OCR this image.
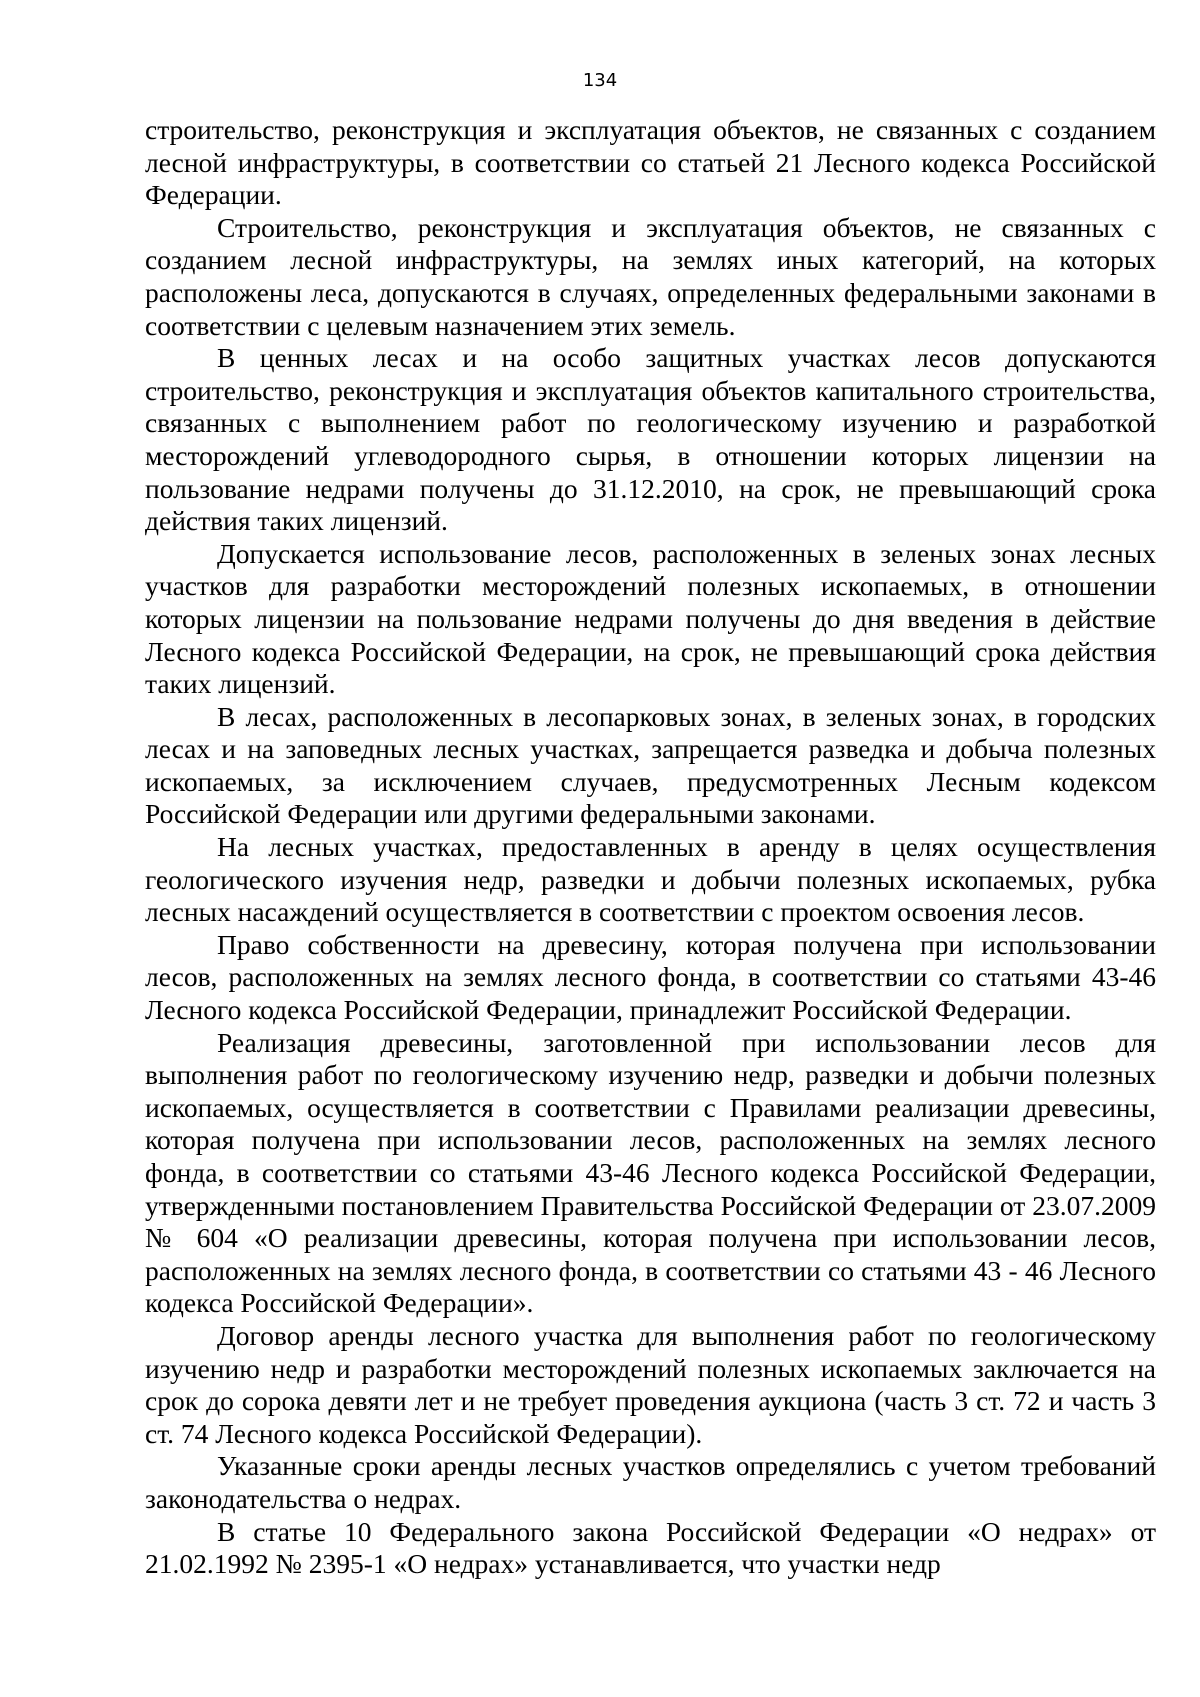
134

строительство, реконструкция и эксплуатация объектов, не связанных с созданием лесной инфраструктуры, в соответствии со статьей 21 Лесного кодекса Российской Федерации.

Строительство, реконструкция и эксплуатация объектов, не связанных с созданием лесной инфраструктуры, на землях иных категорий, на которых расположены леса, допускаются в случаях, определенных федеральными законами в соответствии с целевым назначением этих земель.

В ценных лесах и на особо защитных участках лесов допускаются строительство, реконструкция и эксплуатация объектов капитального строительства, связанных с выполнением работ по геологическому изучению и разработкой месторождений углеводородного сырья, в отношении которых лицензии на пользование недрами получены до 31.12.2010, на срок, не превышающий срока действия таких лицензий.

Допускается использование лесов, расположенных в зеленых зонах лесных участков для разработки месторождений полезных ископаемых, в отношении которых лицензии на пользование недрами получены до дня введения в действие Лесного кодекса Российской Федерации, на срок, не превышающий срока действия таких лицензий.

В лесах, расположенных в лесопарковых зонах, в зеленых зонах, в городских лесах и на заповедных лесных участках, запрещается разведка и добыча полезных ископаемых, за исключением случаев, предусмотренных Лесным кодексом Российской Федерации или другими федеральными законами.

На лесных участках, предоставленных в аренду в целях осуществления геологического изучения недр, разведки и добычи полезных ископаемых, рубка лесных насаждений осуществляется в соответствии с проектом освоения лесов.

Право собственности на древесину, которая получена при использовании лесов, расположенных на землях лесного фонда, в соответствии со статьями 43-46 Лесного кодекса Российской Федерации, принадлежит Российской Федерации.

Реализация древесины, заготовленной при использовании лесов для выполнения работ по геологическому изучению недр, разведки и добычи полезных ископаемых, осуществляется в соответствии с Правилами реализации древесины, которая получена при использовании лесов, расположенных на землях лесного фонда, в соответствии со статьями 43-46 Лесного кодекса Российской Федерации, утвержденными постановлением Правительства Российской Федерации от 23.07.2009 № 604 «О реализации древесины, которая получена при использовании лесов, расположенных на землях лесного фонда, в соответствии со статьями 43 - 46 Лесного кодекса Российской Федерации».

Договор аренды лесного участка для выполнения работ по геологическому изучению недр и разработки месторождений полезных ископаемых заключается на срок до сорока девяти лет и не требует проведения аукциона (часть 3 ст. 72 и часть 3 ст. 74 Лесного кодекса Российской Федерации).

Указанные сроки аренды лесных участков определялись с учетом требований законодательства о недрах.

В статье 10 Федерального закона Российской Федерации «О недрах» от 21.02.1992 № 2395-1 «О недрах» устанавливается, что участки недр
